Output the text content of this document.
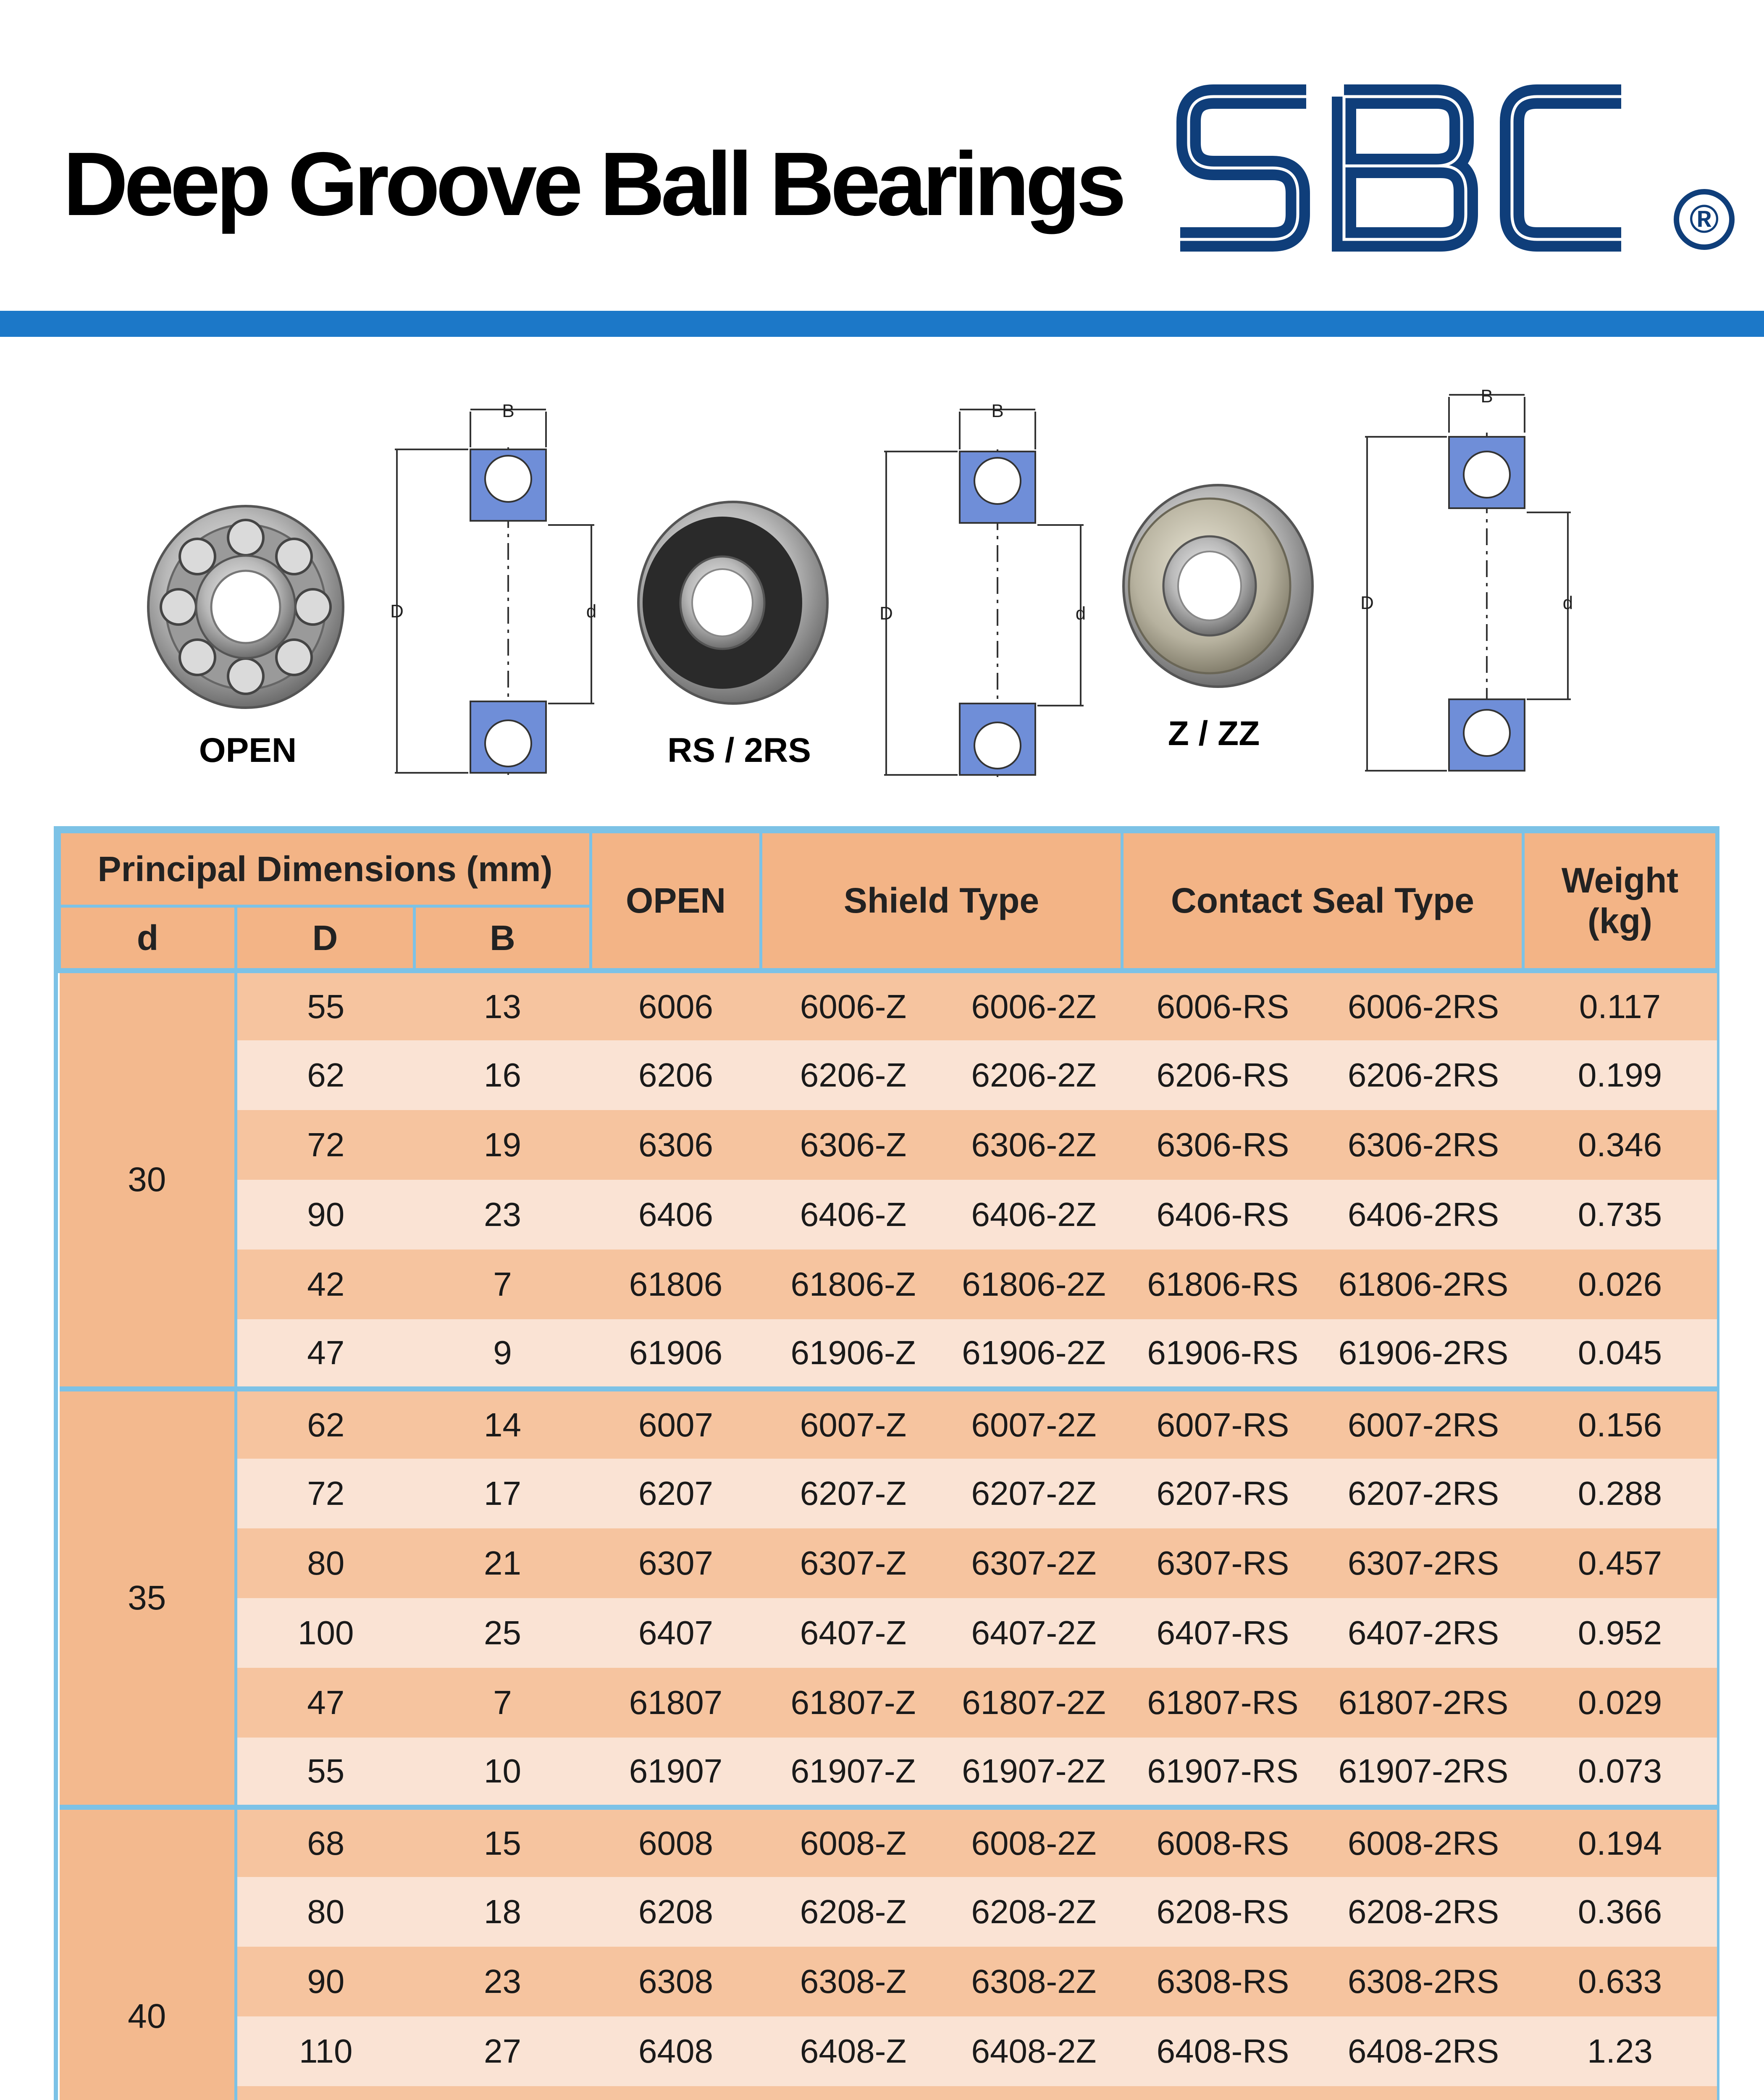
Deep Groove Ball Bearings	®
B
D	d
B
D	d
B
D	d
OPEN	RS / 2RS	Z / ZZ
Principal Dimensions (mm)			OPEN	Shield Type		Contact Seal Type		Weight
(kg)
d	D	B						
30	55	13	6006	6006-Z	6006-2Z	6006-RS	6006-2RS	0.117
	62	16	6206	6206-Z	6206-2Z	6206-RS	6206-2RS	0.199
	72	19	6306	6306-Z	6306-2Z	6306-RS	6306-2RS	0.346
	90	23	6406	6406-Z	6406-2Z	6406-RS	6406-2RS	0.735
	42	7	61806	61806-Z	61806-2Z	61806-RS	61806-2RS	0.026
	47	9	61906	61906-Z	61906-2Z	61906-RS	61906-2RS	0.045
35	62	14	6007	6007-Z	6007-2Z	6007-RS	6007-2RS	0.156
	72	17	6207	6207-Z	6207-2Z	6207-RS	6207-2RS	0.288
	80	21	6307	6307-Z	6307-2Z	6307-RS	6307-2RS	0.457
	100	25	6407	6407-Z	6407-2Z	6407-RS	6407-2RS	0.952
	47	7	61807	61807-Z	61807-2Z	61807-RS	61807-2RS	0.029
	55	10	61907	61907-Z	61907-2Z	61907-RS	61907-2RS	0.073
40	68	15	6008	6008-Z	6008-2Z	6008-RS	6008-2RS	0.194
	80	18	6208	6208-Z	6208-2Z	6208-RS	6208-2RS	0.366
	90	23	6308	6308-Z	6308-2Z	6308-RS	6308-2RS	0.633
	110	27	6408	6408-Z	6408-2Z	6408-RS	6408-2RS	1.23
